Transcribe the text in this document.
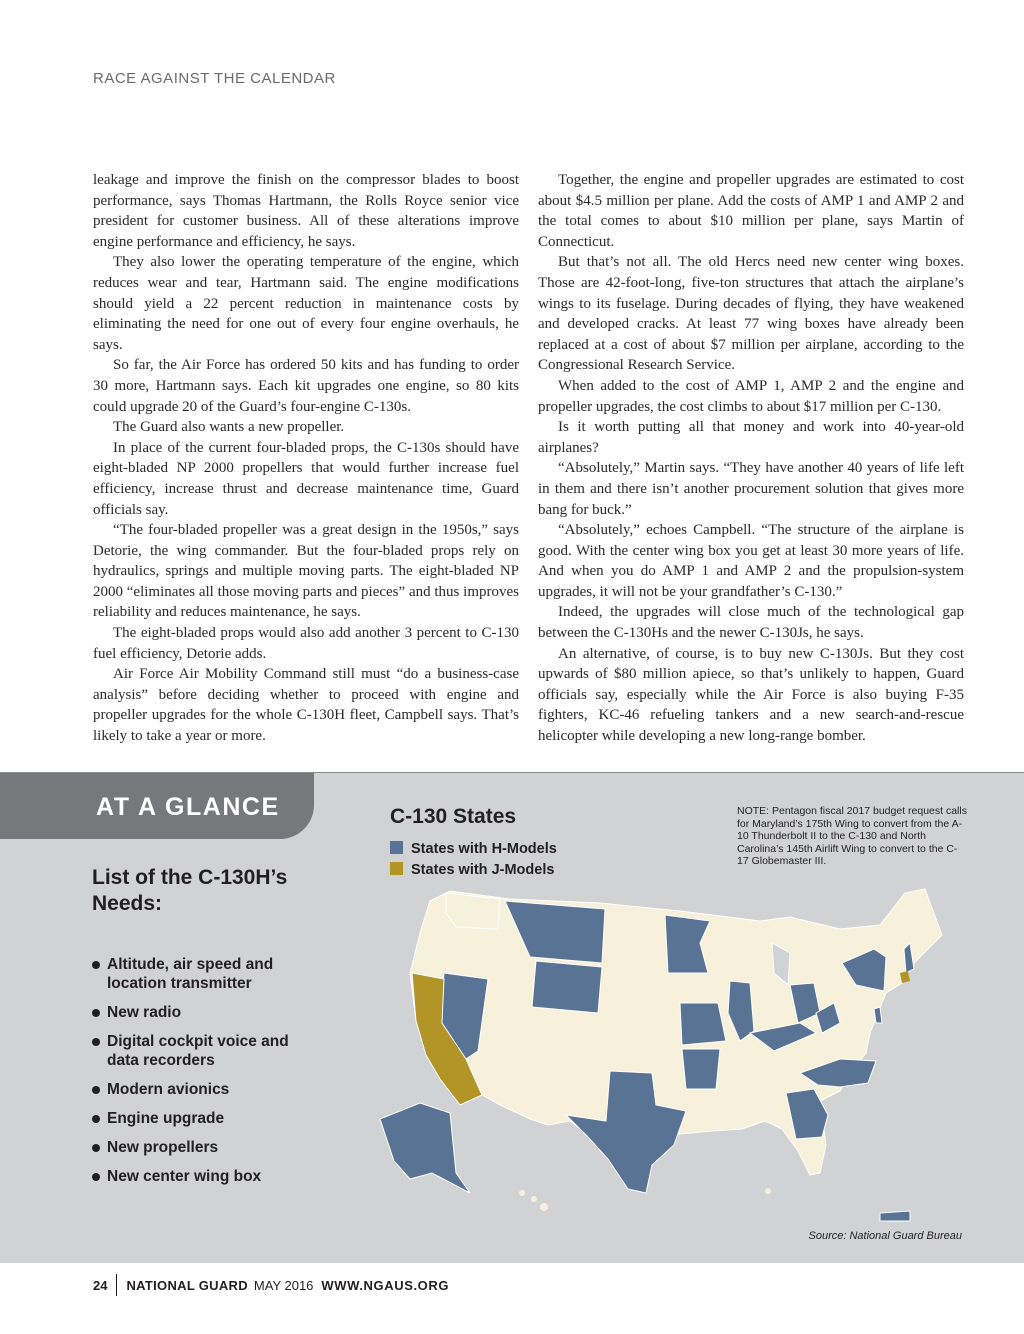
RACE AGAINST THE CALENDAR

leakage and improve the finish on the compressor blades to boost performance, says Thomas Hartmann, the Rolls Royce senior vice president for customer business. All of these alterations improve engine performance and efficiency, he says.

They also lower the operating temperature of the engine, which reduces wear and tear, Hartmann said. The engine modifications should yield a 22 percent reduction in maintenance costs by eliminating the need for one out of every four engine overhauls, he says.

So far, the Air Force has ordered 50 kits and has funding to order 30 more, Hartmann says. Each kit upgrades one engine, so 80 kits could upgrade 20 of the Guard’s four-engine C-130s.

The Guard also wants a new propeller.

In place of the current four-bladed props, the C-130s should have eight-bladed NP 2000 propellers that would further increase fuel efficiency, increase thrust and decrease maintenance time, Guard officials say.

“The four-bladed propeller was a great design in the 1950s,” says Detorie, the wing commander. But the four-bladed props rely on hydraulics, springs and multiple moving parts. The eight-bladed NP 2000 “eliminates all those moving parts and pieces” and thus improves reliability and reduces maintenance, he says.

The eight-bladed props would also add another 3 percent to C-130 fuel efficiency, Detorie adds.

Air Force Air Mobility Command still must “do a business-case analysis” before deciding whether to proceed with engine and propeller upgrades for the whole C-130H fleet, Campbell says. That’s likely to take a year or more.

Together, the engine and propeller upgrades are estimated to cost about $4.5 million per plane. Add the costs of AMP 1 and AMP 2 and the total comes to about $10 million per plane, says Martin of Connecticut.

But that’s not all. The old Hercs need new center wing boxes. Those are 42-foot-long, five-ton structures that attach the airplane’s wings to its fuselage. During decades of flying, they have weakened and developed cracks. At least 77 wing boxes have already been replaced at a cost of about $7 million per airplane, according to the Congressional Research Service.

When added to the cost of AMP 1, AMP 2 and the engine and propeller upgrades, the cost climbs to about $17 million per C-130.

Is it worth putting all that money and work into 40-year-old airplanes?

“Absolutely,” Martin says. “They have another 40 years of life left in them and there isn’t another procurement solution that gives more bang for buck.”

“Absolutely,” echoes Campbell. “The structure of the airplane is good. With the center wing box you get at least 30 more years of life. And when you do AMP 1 and AMP 2 and the propulsion-system upgrades, it will not be your grandfather’s C-130.”

Indeed, the upgrades will close much of the technological gap between the C-130Hs and the newer C-130Js, he says.

An alternative, of course, is to buy new C-130Js. But they cost upwards of $80 million apiece, so that’s unlikely to happen, Guard officials say, especially while the Air Force is also buying F-35 fighters, KC-46 refueling tankers and a new search-and-rescue helicopter while developing a new long-range bomber.

AT A GLANCE
List of the C-130H’s Needs:
Altitude, air speed and location transmitter
New radio
Digital cockpit voice and data recorders
Modern avionics
Engine upgrade
New propellers
New center wing box
C-130 States
States with H-Models
States with J-Models
NOTE: Pentagon fiscal 2017 budget request calls for Maryland’s 175th Wing to convert from the A-10 Thunderbolt II to the C-130 and North Carolina’s 145th Airlift Wing to convert to the C-17 Globemaster III.
Source: National Guard Bureau
24 NATIONAL GUARD MAY 2016 WWW.NGAUS.ORG
